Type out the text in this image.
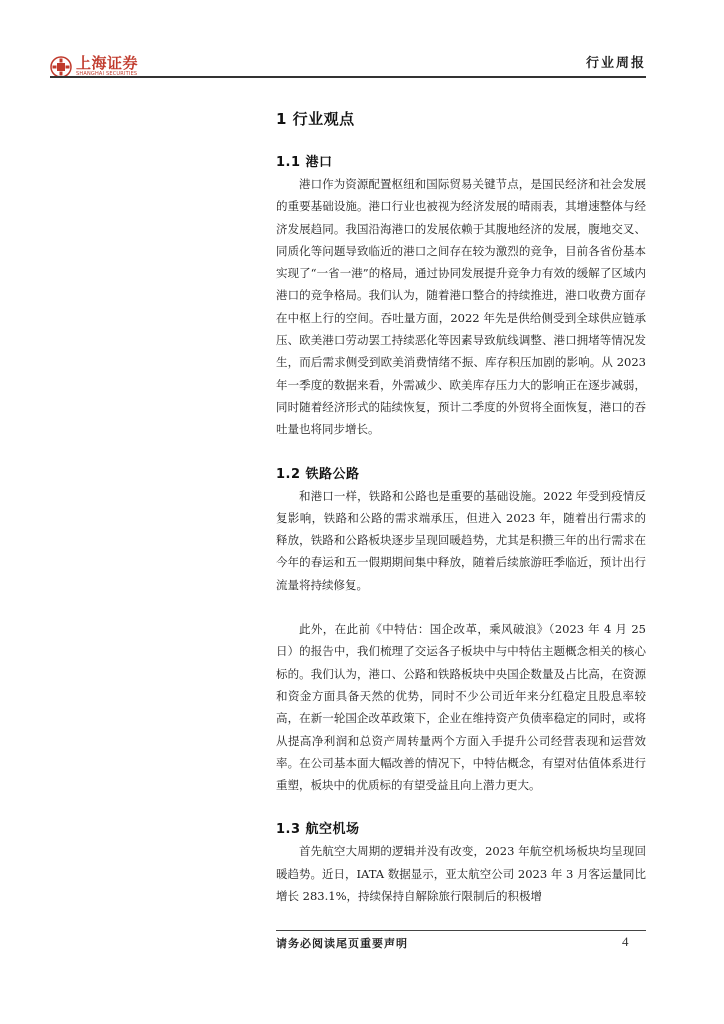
上海证券
SHANGHAI SECURITIES
行业周报
1 行业观点
1.1 港口

港口作为资源配置枢纽和国际贸易关键节点，是国民经济和社会发展的重要基础设施。港口行业也被视为经济发展的晴雨表，其增速整体与经济发展趋同。我国沿海港口的发展依赖于其腹地经济的发展，腹地交叉、同质化等问题导致临近的港口之间存在较为激烈的竞争，目前各省份基本实现了“一省一港”的格局，通过协同发展提升竞争力有效的缓解了区域内港口的竞争格局。我们认为，随着港口整合的持续推进，港口收费方面存在中枢上行的空间。吞吐量方面，2022 年先是供给侧受到全球供应链承压、欧美港口劳动罢工持续恶化等因素导致航线调整、港口拥堵等情况发生，而后需求侧受到欧美消费情绪不振、库存积压加剧的影响。从 2023 年一季度的数据来看，外需减少、欧美库存压力大的影响正在逐步减弱，同时随着经济形式的陆续恢复，预计二季度的外贸将全面恢复，港口的吞吐量也将同步增长。

1.2 铁路公路

和港口一样，铁路和公路也是重要的基础设施。2022 年受到疫情反复影响，铁路和公路的需求端承压，但进入 2023 年，随着出行需求的释放，铁路和公路板块逐步呈现回暖趋势，尤其是积攒三年的出行需求在今年的春运和五一假期期间集中释放，随着后续旅游旺季临近，预计出行流量将持续修复。

此外，在此前《中特估：国企改革，乘风破浪》（2023 年 4 月 25 日）的报告中，我们梳理了交运各子板块中与中特估主题概念相关的核心标的。我们认为，港口、公路和铁路板块中央国企数量及占比高，在资源和资金方面具备天然的优势，同时不少公司近年来分红稳定且股息率较高，在新一轮国企改革政策下，企业在维持资产负债率稳定的同时，或将从提高净利润和总资产周转量两个方面入手提升公司经营表现和运营效率。在公司基本面大幅改善的情况下，中特估概念，有望对估值体系进行重塑，板块中的优质标的有望受益且向上潜力更大。

1.3 航空机场

首先航空大周期的逻辑并没有改变，2023 年航空机场板块均呈现回暖趋势。近日，IATA 数据显示，亚太航空公司 2023 年 3 月客运量同比增长 283.1%，持续保持自解除旅行限制后的积极增

请务必阅读尾页重要声明	4
